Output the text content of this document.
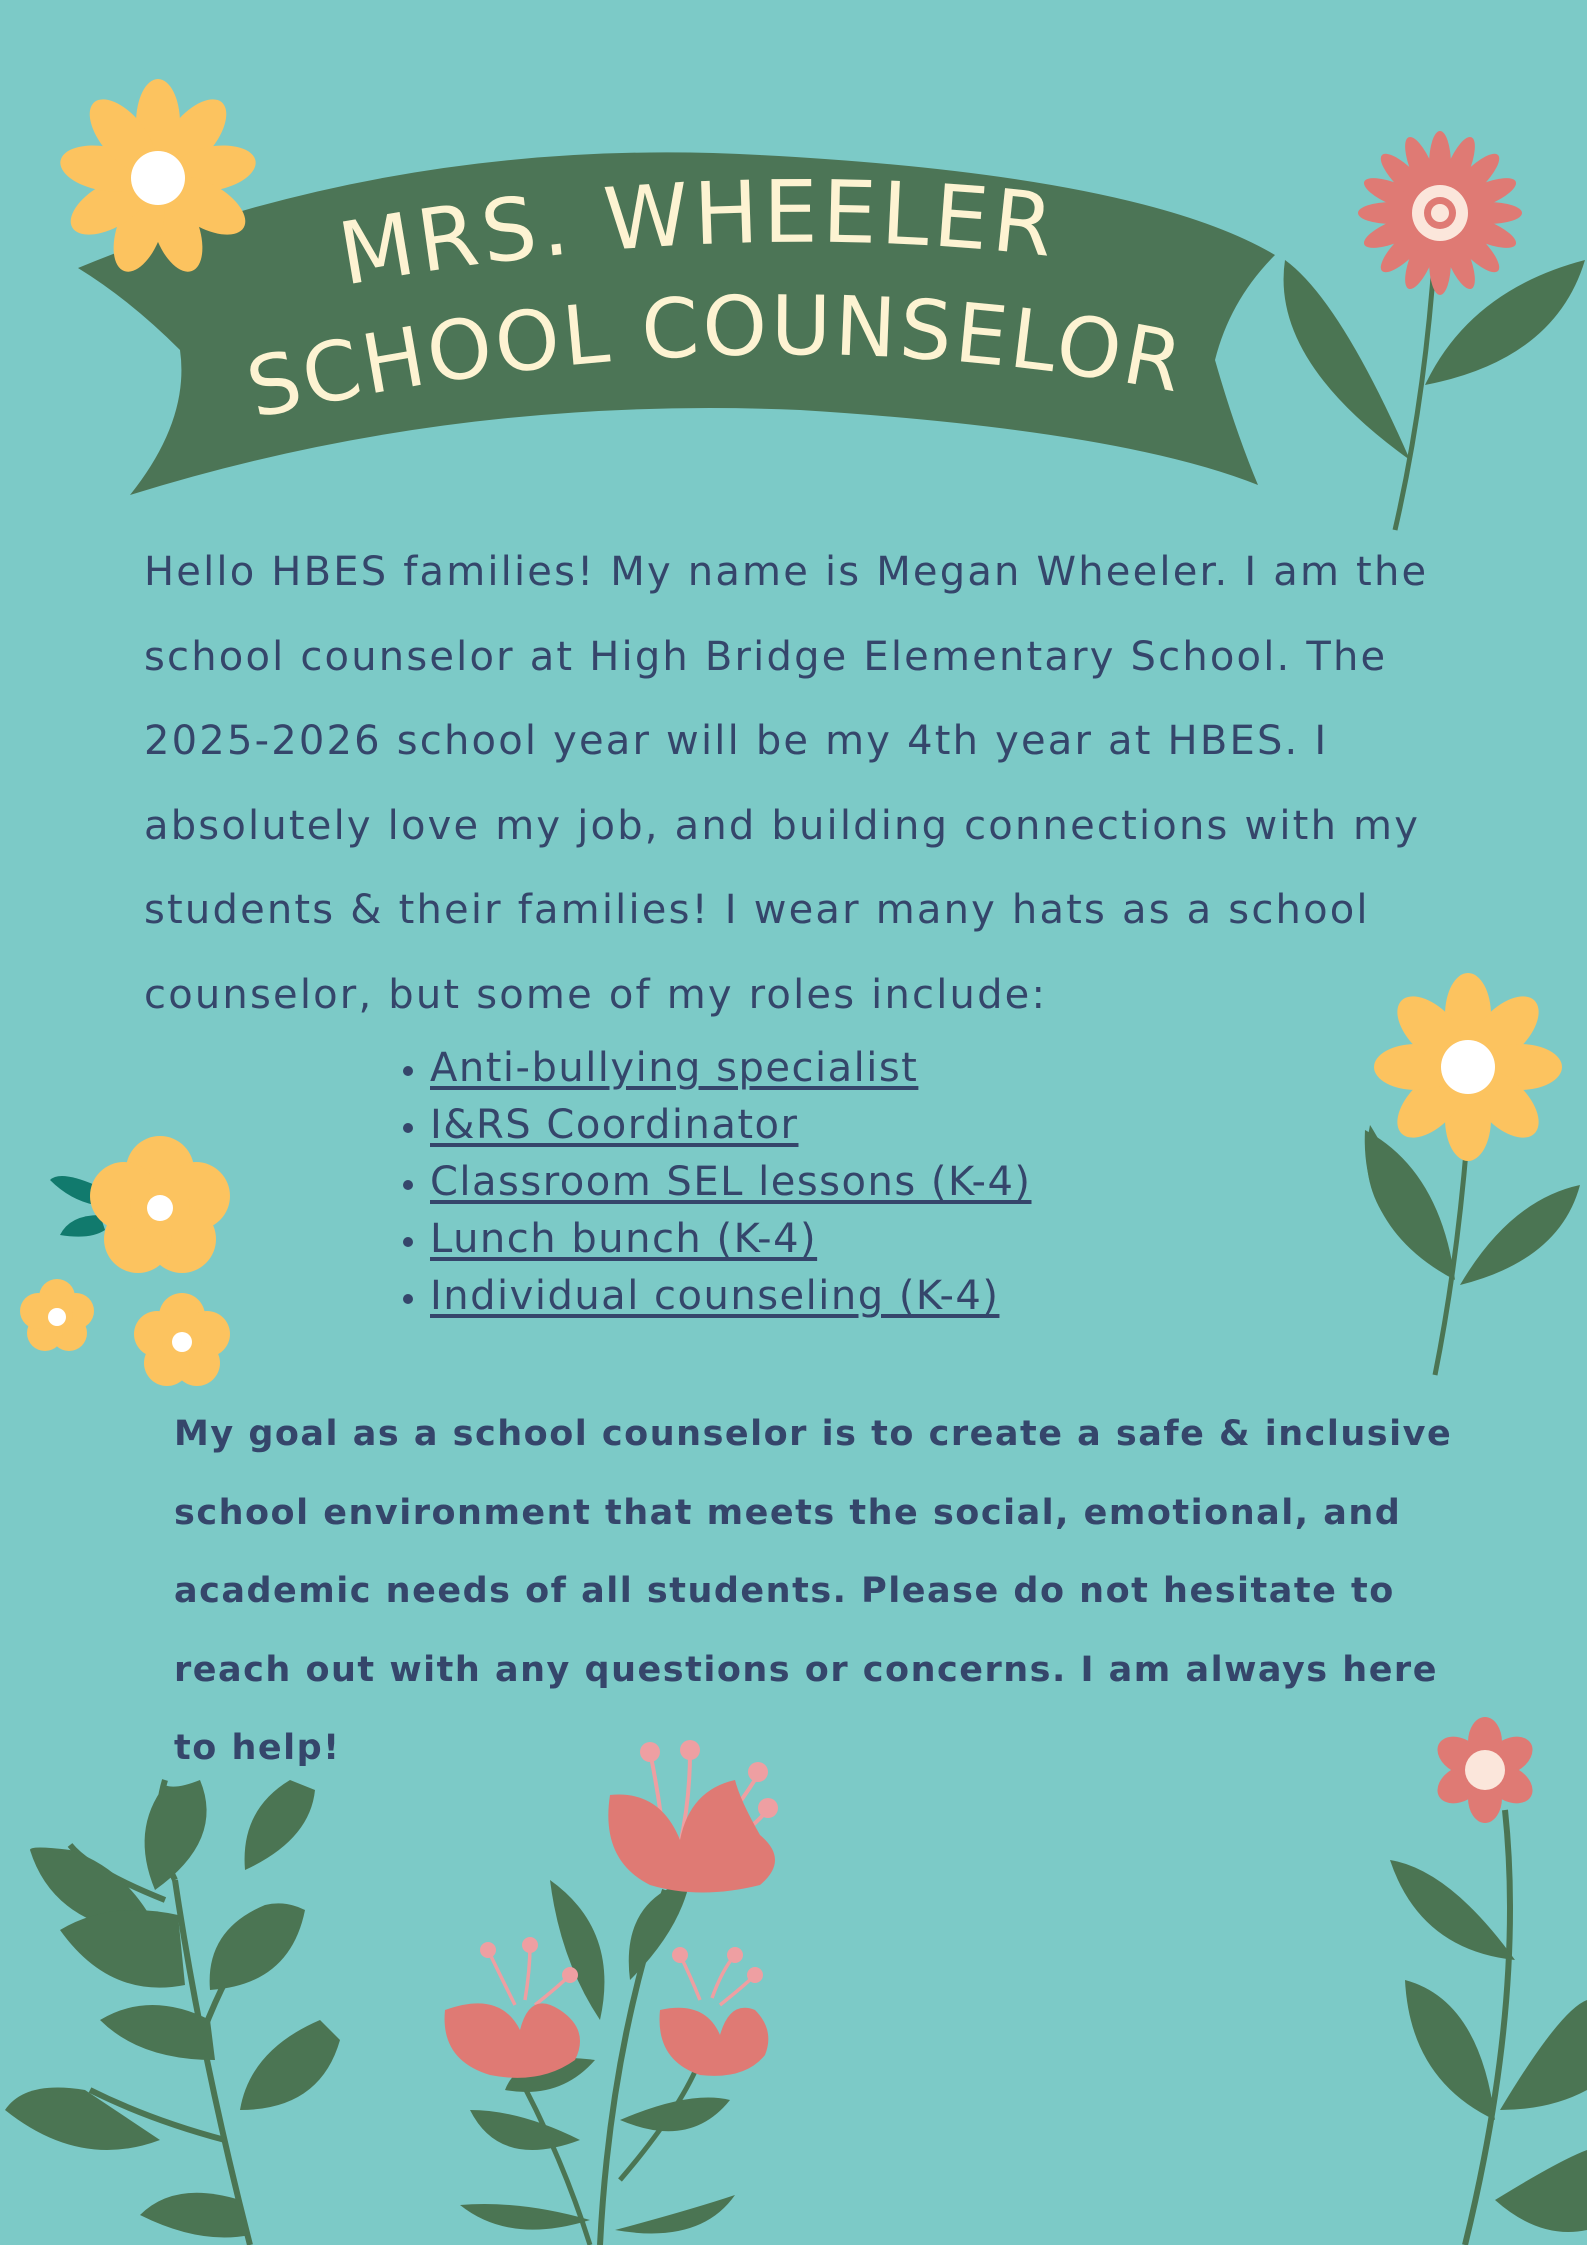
MRS. WHEELER
SCHOOL COUNSELOR

Hello HBES families! My name is Megan Wheeler. I am the school counselor at High Bridge Elementary School. The 2025-2026 school year will be my 4th year at HBES. I absolutely love my job, and building connections with my students & their families! I wear many hats as a school counselor, but some of my roles include:

• Anti-bullying specialist
• I&RS Coordinator
• Classroom SEL lessons (K-4)
• Lunch bunch (K-4)
• Individual counseling (K-4)

My goal as a school counselor is to create a safe & inclusive school environment that meets the social, emotional, and academic needs of all students. Please do not hesitate to reach out with any questions or concerns. I am always here to help!
